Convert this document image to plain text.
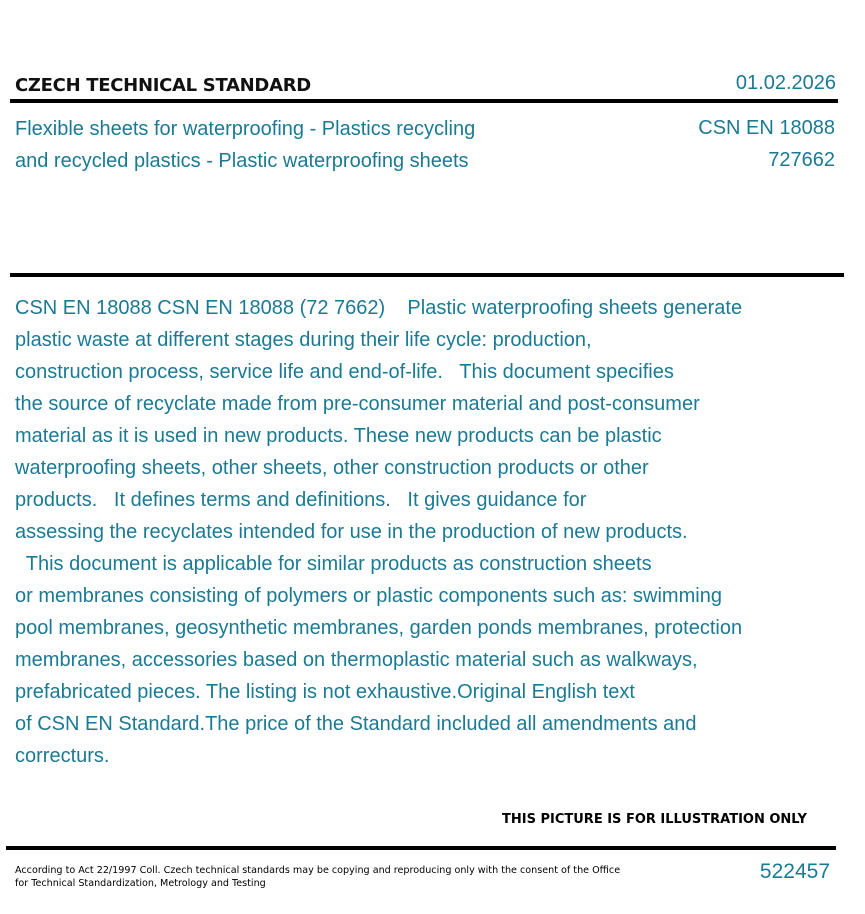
CZECH TECHNICAL STANDARD	01.02.2026
Flexible sheets for waterproofing - Plastics recycling
and recycled plastics - Plastic waterproofing sheets
CSN EN 18088
727662
CSN EN 18088 CSN EN 18088 (72 7662)    Plastic waterproofing sheets generate
plastic waste at different stages during their life cycle: production,
construction process, service life and end-of-life.   This document specifies
the source of recyclate made from pre-consumer material and post-consumer
material as it is used in new products. These new products can be plastic
waterproofing sheets, other sheets, other construction products or other
products.   It defines terms and definitions.   It gives guidance for
assessing the recyclates intended for use in the production of new products.
This document is applicable for similar products as construction sheets
or membranes consisting of polymers or plastic components such as: swimming
pool membranes, geosynthetic membranes, garden ponds membranes, protection
membranes, accessories based on thermoplastic material such as walkways,
prefabricated pieces. The listing is not exhaustive.Original English text
of CSN EN Standard.The price of the Standard included all amendments and
correcturs.
THIS PICTURE IS FOR ILLUSTRATION ONLY
According to Act 22/1997 Coll. Czech technical standards may be copying and reproducing only with the consent of the Office
for Technical Standardization, Metrology and Testing
522457
